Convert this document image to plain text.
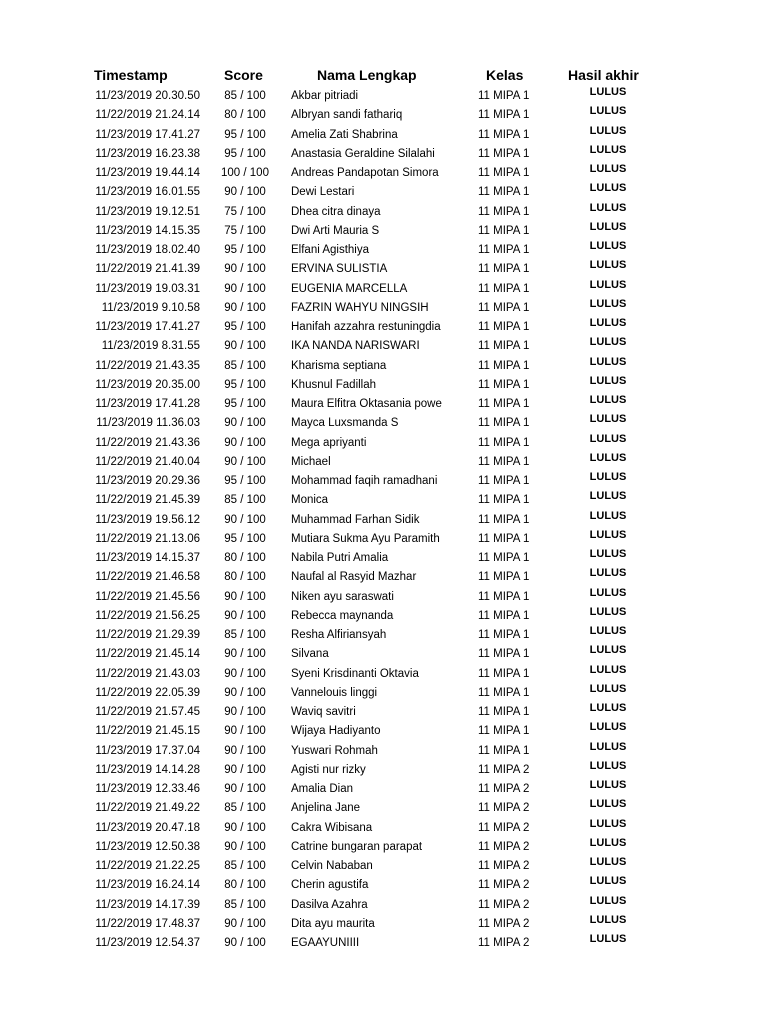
Timestamp	Score	Nama Lengkap	Kelas	Hasil akhir
11/23/2019 20.30.50	85 / 100	Akbar pitriadi	11 MIPA 1	LULUS
11/22/2019 21.24.14	80 / 100	Albryan sandi fathariq	11 MIPA 1	LULUS
11/23/2019 17.41.27	95 / 100	Amelia Zati Shabrina	11 MIPA 1	LULUS
11/23/2019 16.23.38	95 / 100	Anastasia Geraldine Silalahi	11 MIPA 1	LULUS
11/23/2019 19.44.14	100 / 100	Andreas Pandapotan Simora	11 MIPA 1	LULUS
11/23/2019 16.01.55	90 / 100	Dewi Lestari	11 MIPA 1	LULUS
11/23/2019 19.12.51	75 / 100	Dhea citra dinaya	11 MIPA 1	LULUS
11/23/2019 14.15.35	75 / 100	Dwi Arti Mauria S	11 MIPA 1	LULUS
11/23/2019 18.02.40	95 / 100	Elfani Agisthiya	11 MIPA 1	LULUS
11/22/2019 21.41.39	90 / 100	ERVINA SULISTIA	11 MIPA 1	LULUS
11/23/2019 19.03.31	90 / 100	EUGENIA MARCELLA	11 MIPA 1	LULUS
11/23/2019 9.10.58	90 / 100	FAZRIN WAHYU NINGSIH	11 MIPA 1	LULUS
11/23/2019 17.41.27	95 / 100	Hanifah azzahra restuningdia	11 MIPA 1	LULUS
11/23/2019 8.31.55	90 / 100	IKA NANDA NARISWARI	11 MIPA 1	LULUS
11/22/2019 21.43.35	85 / 100	Kharisma septiana	11 MIPA 1	LULUS
11/23/2019 20.35.00	95 / 100	Khusnul Fadillah	11 MIPA 1	LULUS
11/23/2019 17.41.28	95 / 100	Maura Elfitra Oktasania powe	11 MIPA 1	LULUS
11/23/2019 11.36.03	90 / 100	Mayca Luxsmanda S	11 MIPA 1	LULUS
11/22/2019 21.43.36	90 / 100	Mega apriyanti	11 MIPA 1	LULUS
11/22/2019 21.40.04	90 / 100	Michael	11 MIPA 1	LULUS
11/23/2019 20.29.36	95 / 100	Mohammad faqih ramadhani	11 MIPA 1	LULUS
11/22/2019 21.45.39	85 / 100	Monica	11 MIPA 1	LULUS
11/23/2019 19.56.12	90 / 100	Muhammad Farhan Sidik	11 MIPA 1	LULUS
11/22/2019 21.13.06	95 / 100	Mutiara Sukma Ayu Paramith	11 MIPA 1	LULUS
11/23/2019 14.15.37	80 / 100	Nabila Putri Amalia	11 MIPA 1	LULUS
11/22/2019 21.46.58	80 / 100	Naufal al Rasyid Mazhar	11 MIPA 1	LULUS
11/22/2019 21.45.56	90 / 100	Niken ayu saraswati	11 MIPA 1	LULUS
11/22/2019 21.56.25	90 / 100	Rebecca maynanda	11 MIPA 1	LULUS
11/22/2019 21.29.39	85 / 100	Resha Alfiriansyah	11 MIPA 1	LULUS
11/22/2019 21.45.14	90 / 100	Silvana	11 MIPA 1	LULUS
11/22/2019 21.43.03	90 / 100	Syeni Krisdinanti Oktavia	11 MIPA 1	LULUS
11/22/2019 22.05.39	90 / 100	Vannelouis linggi	11 MIPA 1	LULUS
11/22/2019 21.57.45	90 / 100	Waviq savitri	11 MIPA 1	LULUS
11/22/2019 21.45.15	90 / 100	Wijaya Hadiyanto	11 MIPA 1	LULUS
11/23/2019 17.37.04	90 / 100	Yuswari Rohmah	11 MIPA 1	LULUS
11/23/2019 14.14.28	90 / 100	Agisti nur rizky	11 MIPA 2	LULUS
11/23/2019 12.33.46	90 / 100	Amalia Dian	11 MIPA 2	LULUS
11/22/2019 21.49.22	85 / 100	Anjelina Jane	11 MIPA 2	LULUS
11/23/2019 20.47.18	90 / 100	Cakra Wibisana	11 MIPA 2	LULUS
11/23/2019 12.50.38	90 / 100	Catrine bungaran parapat	11 MIPA 2	LULUS
11/22/2019 21.22.25	85 / 100	Celvin Nababan	11 MIPA 2	LULUS
11/23/2019 16.24.14	80 / 100	Cherin agustifa	11 MIPA 2	LULUS
11/23/2019 14.17.39	85 / 100	Dasilva Azahra	11 MIPA 2	LULUS
11/22/2019 17.48.37	90 / 100	Dita ayu maurita	11 MIPA 2	LULUS
11/23/2019 12.54.37	90 / 100	EGAAYUNIIII	11 MIPA 2	LULUS
